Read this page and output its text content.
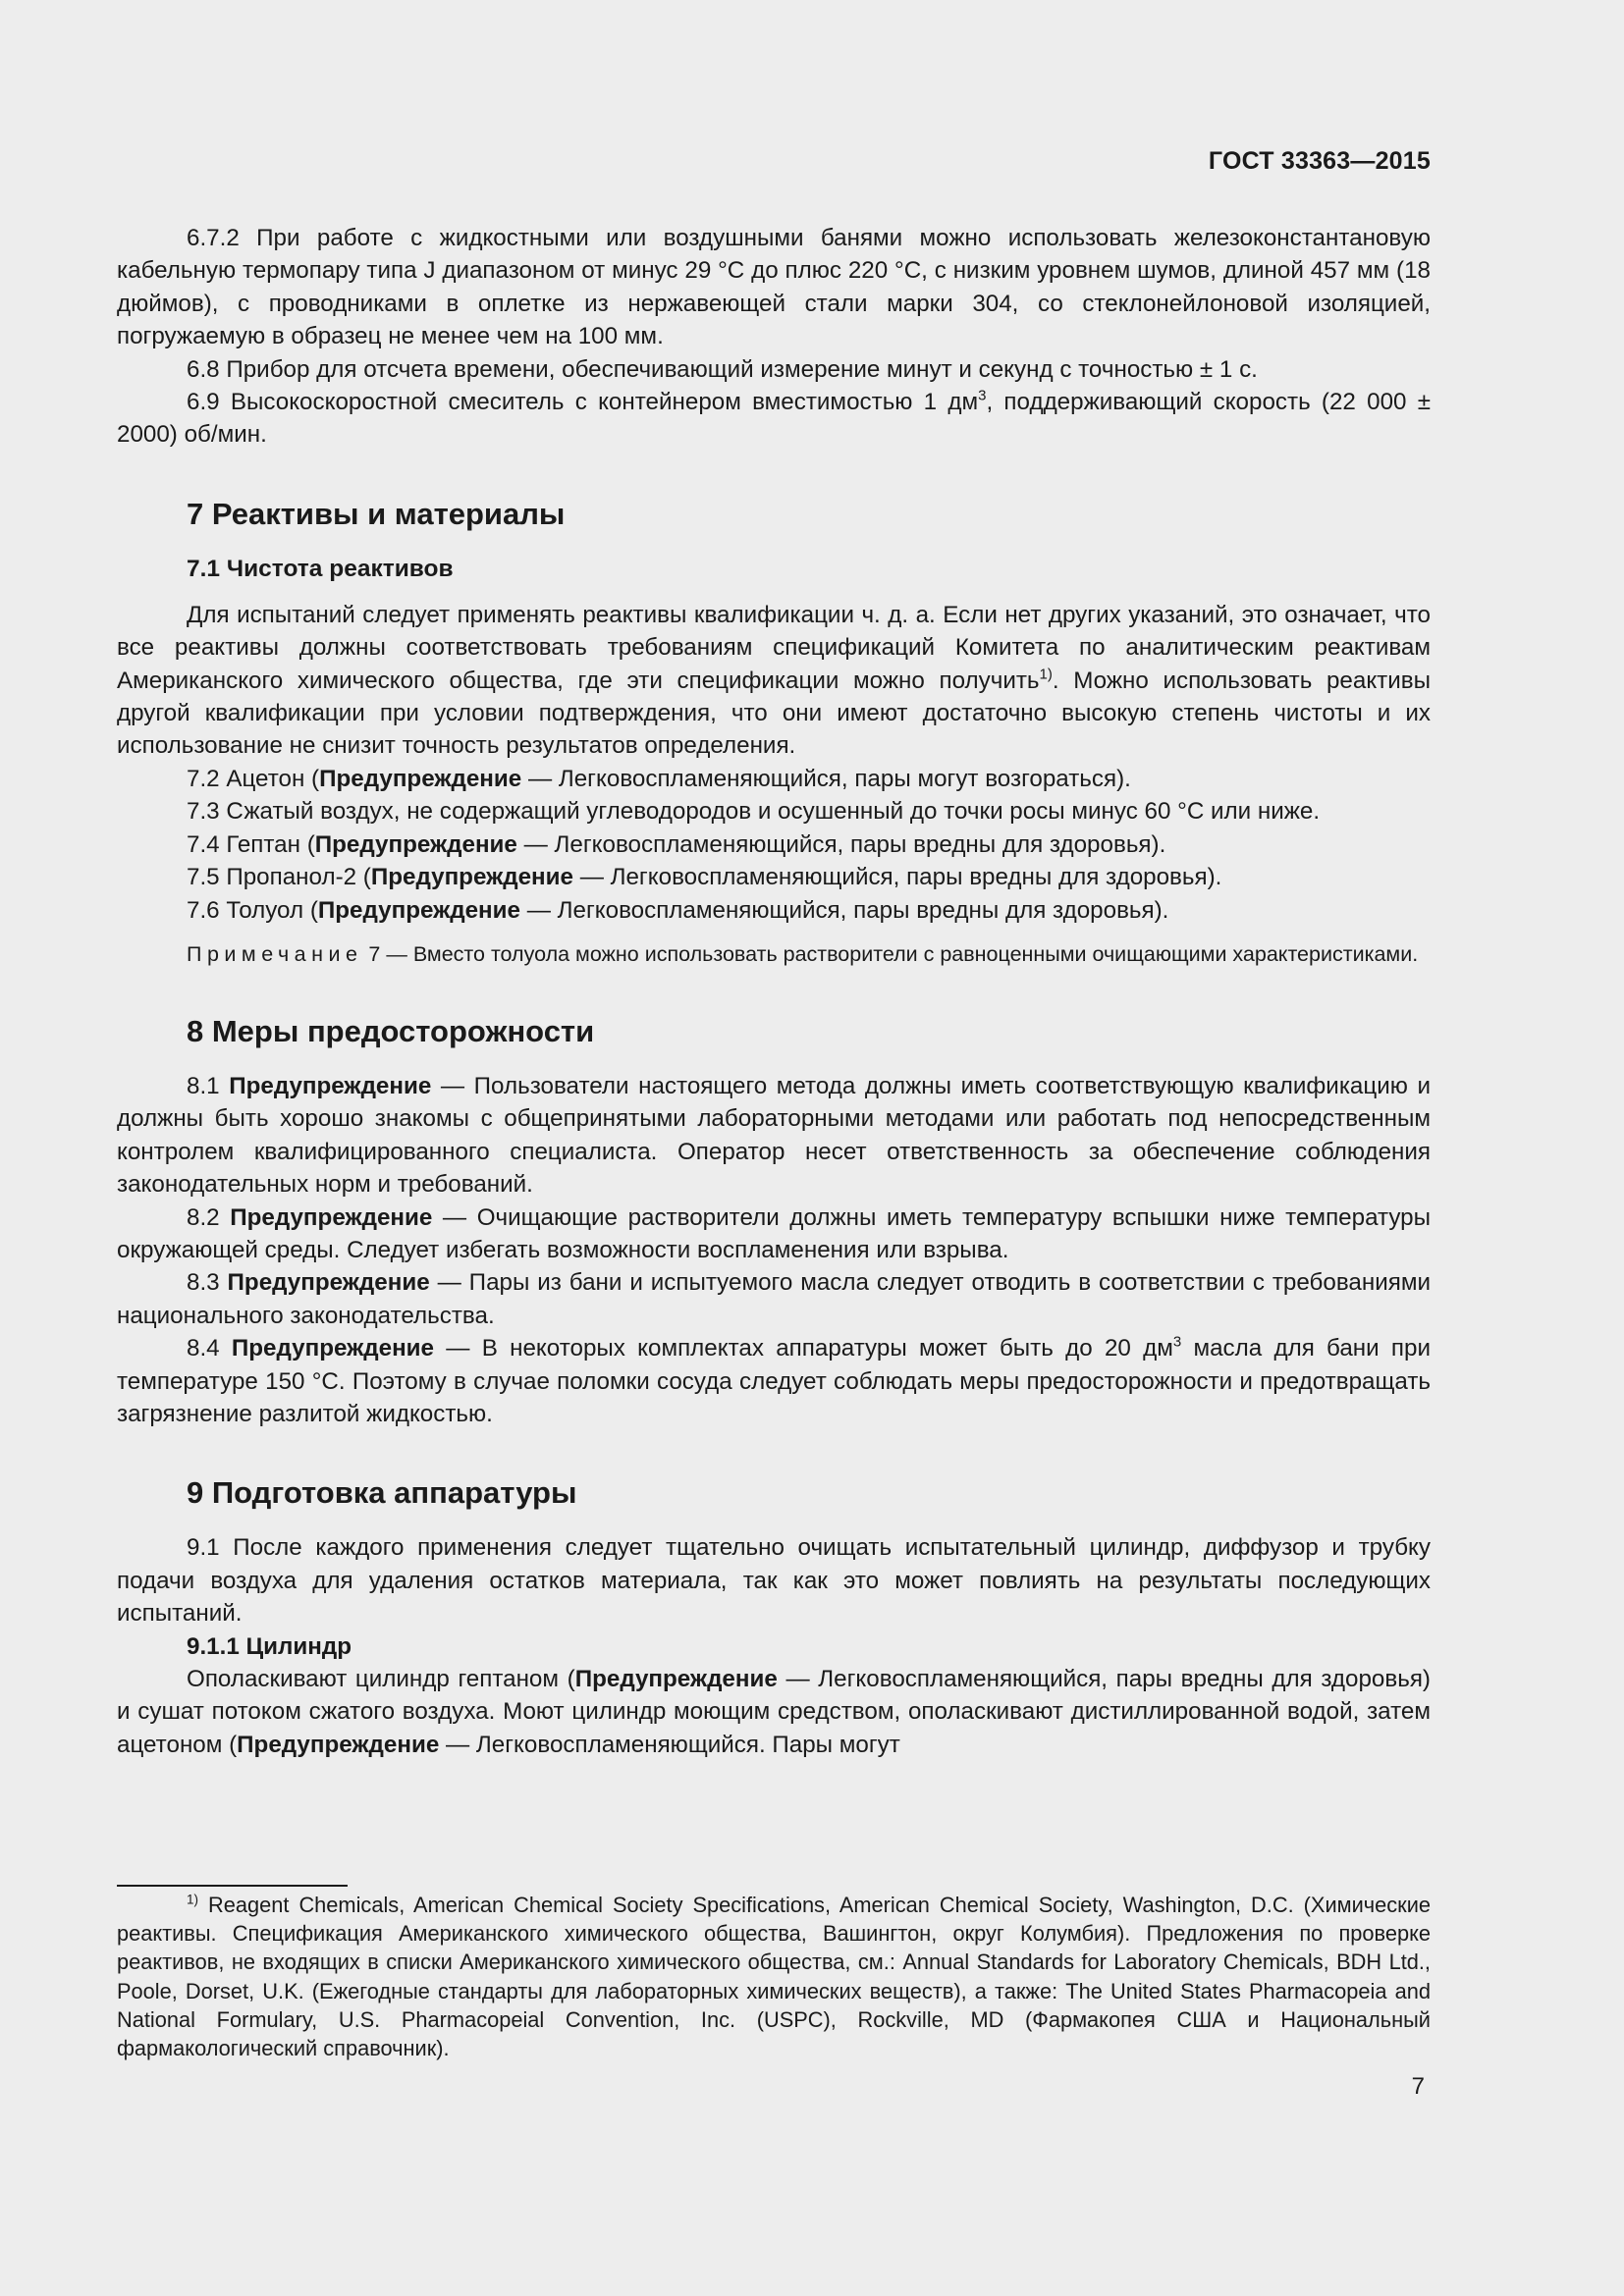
ГОСТ 33363—2015

6.7.2 При работе с жидкостными или воздушными банями можно использовать железоконстантановую кабельную термопару типа J диапазоном от минус 29 °С до плюс 220 °С, с низким уровнем шумов, длиной 457 мм (18 дюймов), с проводниками в оплетке из нержавеющей стали марки 304, со стеклонейлоновой изоляцией, погружаемую в образец не менее чем на 100 мм.

6.8 Прибор для отсчета времени, обеспечивающий измерение минут и секунд с точностью ± 1 с.

6.9 Высокоскоростной смеситель с контейнером вместимостью 1 $дм^3$, поддерживающий скорость (22 000 ± 2000) об/мин.

7 Реактивы и материалы
7.1 Чистота реактивов

Для испытаний следует применять реактивы квалификации ч. д. а. Если нет других указаний, это означает, что все реактивы должны соответствовать требованиям спецификаций Комитета по аналитическим реактивам Американского химического общества, где эти спецификации можно получить$^{1)}$. Можно использовать реактивы другой квалификации при условии подтверждения, что они имеют достаточно высокую степень чистоты и их использование не снизит точность результатов определения.

7.2 Ацетон (Предупреждение — Легковоспламеняющийся, пары могут возгораться).

7.3 Сжатый воздух, не содержащий углеводородов и осушенный до точки росы минус 60 °С или ниже.

7.4 Гептан (Предупреждение — Легковоспламеняющийся, пары вредны для здоровья).

7.5 Пропанол-2 (Предупреждение — Легковоспламеняющийся, пары вредны для здоровья).

7.6 Толуол (Предупреждение — Легковоспламеняющийся, пары вредны для здоровья).

Примечание 7 — Вместо толуола можно использовать растворители с равноценными очищающими характеристиками.

8 Меры предосторожности

8.1 Предупреждение — Пользователи настоящего метода должны иметь соответствующую квалификацию и должны быть хорошо знакомы с общепринятыми лабораторными методами или работать под непосредственным контролем квалифицированного специалиста. Оператор несет ответственность за обеспечение соблюдения законодательных норм и требований.

8.2 Предупреждение — Очищающие растворители должны иметь температуру вспышки ниже температуры окружающей среды. Следует избегать возможности воспламенения или взрыва.

8.3 Предупреждение — Пары из бани и испытуемого масла следует отводить в соответствии с требованиями национального законодательства.

8.4 Предупреждение — В некоторых комплектах аппаратуры может быть до 20 $дм^3$ масла для бани при температуре 150 °С. Поэтому в случае поломки сосуда следует соблюдать меры предосторожности и предотвращать загрязнение разлитой жидкостью.

9 Подготовка аппаратуры

9.1 После каждого применения следует тщательно очищать испытательный цилиндр, диффузор и трубку подачи воздуха для удаления остатков материала, так как это может повлиять на результаты последующих испытаний.

9.1.1 Цилиндр

Ополаскивают цилиндр гептаном (Предупреждение — Легковоспламеняющийся, пары вредны для здоровья) и сушат потоком сжатого воздуха. Моют цилиндр моющим средством, ополаскивают дистиллированной водой, затем ацетоном (Предупреждение — Легковоспламеняющийся. Пары могут

$^{1)}$ Reagent Chemicals, American Chemical Society Specifications, American Chemical Society, Washington, D.C. (Химические реактивы. Спецификация Американского химического общества, Вашингтон, округ Колумбия). Предложения по проверке реактивов, не входящих в списки Американского химического общества, см.: Annual Standards for Laboratory Chemicals, BDH Ltd., Poole, Dorset, U.K. (Ежегодные стандарты для лабораторных химических веществ), а также: The United States Pharmacopeia and National Formulary, U.S. Pharmacopeial Convention, Inc. (USPC), Rockville, MD (Фармакопея США и Национальный фармакологический справочник).

7
